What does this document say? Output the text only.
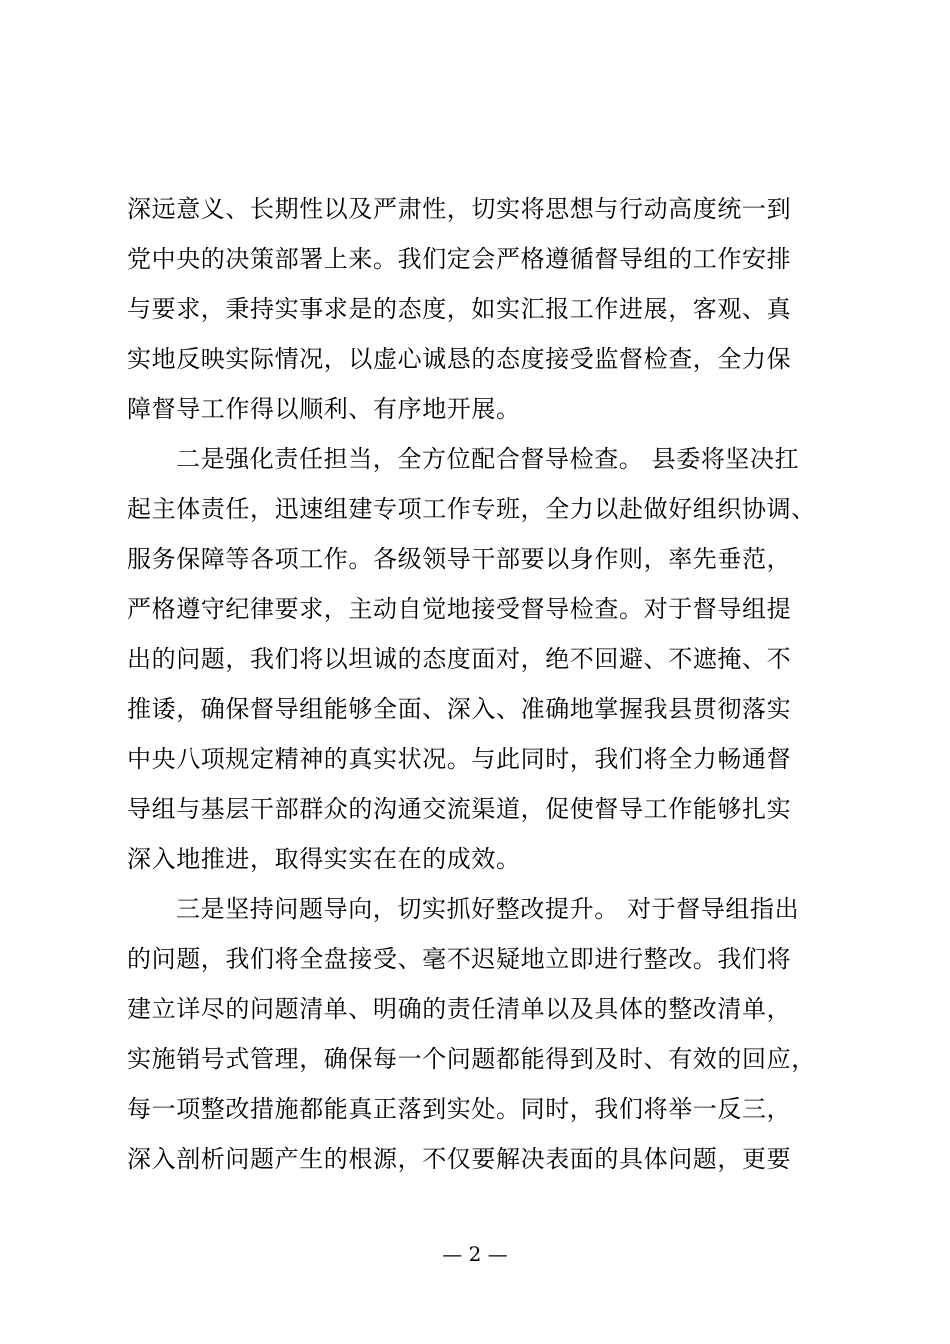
深远意义、长期性以及严肃性，切实将思想与行动高度统一到
党中央的决策部署上来。我们定会严格遵循督导组的工作安排
与要求，秉持实事求是的态度，如实汇报工作进展，客观、真
实地反映实际情况，以虚心诚恳的态度接受监督检查，全力保
障督导工作得以顺利、有序地开展。
二是强化责任担当，全方位配合督导检查。 县委将坚决扛
起主体责任，迅速组建专项工作专班，全力以赴做好组织协调、
服务保障等各项工作。各级领导干部要以身作则，率先垂范，
严格遵守纪律要求，主动自觉地接受督导检查。对于督导组提
出的问题，我们将以坦诚的态度面对，绝不回避、不遮掩、不
推诿，确保督导组能够全面、深入、准确地掌握我县贯彻落实
中央八项规定精神的真实状况。与此同时，我们将全力畅通督
导组与基层干部群众的沟通交流渠道，促使督导工作能够扎实
深入地推进，取得实实在在的成效。
三是坚持问题导向，切实抓好整改提升。 对于督导组指出
的问题，我们将全盘接受、毫不迟疑地立即进行整改。我们将
建立详尽的问题清单、明确的责任清单以及具体的整改清单，
实施销号式管理，确保每一个问题都能得到及时、有效的回应，
每一项整改措施都能真正落到实处。同时，我们将举一反三，
深入剖析问题产生的根源，不仅要解决表面的具体问题，更要
— 2 —
